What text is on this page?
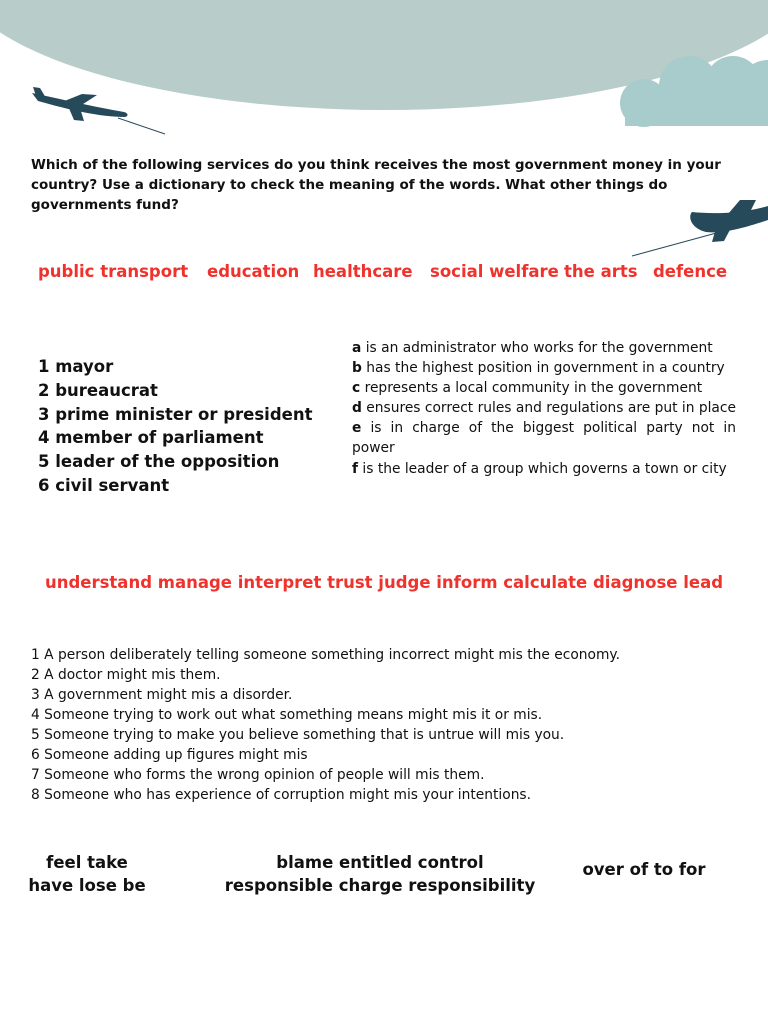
Which of the following services do you think receives the most government money in your country? Use a dictionary to check the meaning of the words. What other things do governments fund?
public transport education healthcare social welfare the arts defence
1 mayor
2 bureaucrat
3 prime minister or president
4 member of parliament
5 leader of the opposition
6 civil servant

a is an administrator who works for the government

b has the highest position in government in a country

c represents a local community in the government

d ensures correct rules and regulations are put in place

e is in charge of the biggest political party not in power

f is the leader of a group which governs a town or city

understand manage interpret trust judge inform calculate diagnose lead
1 A person deliberately telling someone something incorrect might mis the economy.
2 A doctor might mis them.
3 A government might mis a disorder.
4 Someone trying to work out what something means might mis it or mis.
5 Someone trying to make you believe something that is untrue will mis you.
6 Someone adding up figures might mis
7 Someone who forms the wrong opinion of people will mis them.
8 Someone who has experience of corruption might mis your intentions.
feel take
have lose be
blame entitled control
responsible charge responsibility
over of to for
